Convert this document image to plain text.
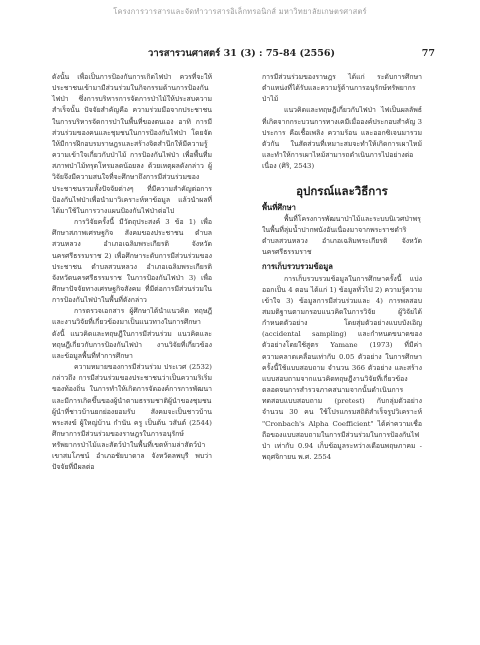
โครงการวารสารและจัดทำวารสารอิเล็กทรอนิกส์ มหาวิทยาลัยเกษตรศาสตร์
วารสารวนศาสตร์ 31 (3) : 75-84 (2556)	77

ดังนั้น เพื่อเป็นการป้องกันการเกิดไฟป่า ควรที่จะให้ประชาชนเข้ามามีส่วนร่วมในกิจกรรมด้านการป้องกันไฟป่า ซึ่งการบริหารการจัดการป่าไม้ให้ประสบความสำเร็จนั้น ปัจจัยสำคัญคือ ความร่วมมือจากประชาชนในการบริหารจัดการป่าในพื้นที่ของตนเอง อาทิ การมีส่วนร่วมของคนและชุมชนในการป้องกันไฟป่า โดยจัดให้มีการฝึกอบรมราษฎรและสร้างจิตสำนึกให้มีความรู้ ความเข้าใจเกี่ยวกับป่าไม้ การป้องกันไฟป่า เพื่อพื้นที่มสภาพป่าไม้ทรุดโทรมลดน้อยลง ด้วยเหตุผลดังกล่าว ผู้วิจัยจึงมีความสนใจที่จะศึกษาถึงการมีส่วนร่วมของประชาชนรวมทั้งปัจจัยต่างๆ ที่มีความสำคัญต่อการป้องกันไฟป่าเพื่อนำมาวิเคราะห์หาข้อมูล แล้วนำผลที่ได้มาใช้ในการวางแผนป้องกันไฟป่าต่อไป

การวิจัยครั้งนี้ มีวัตถุประสงค์ 3 ข้อ 1) เพื่อศึกษาสภาพเศรษฐกิจ สังคมของประชาชน ตำบลสวนหลวง อำเภอเฉลิมพระเกียรติ จังหวัดนครศรีธรรมราช 2) เพื่อศึกษาระดับการมีส่วนร่วมของประชาชน ตำบลสวนหลวง อำเภอเฉลิมพระเกียรติ จังหวัดนครศรีธรรมราช ในการป้องกันไฟป่า 3) เพื่อศึกษาปัจจัยทางเศรษฐกิจสังคม ที่มีต่อการมีส่วนร่วมในการป้องกันไฟป่าในพื้นที่ดังกล่าว

การตรวจเอกสาร ผู้ศึกษาได้นำแนวคิด ทฤษฎี และงานวิจัยที่เกี่ยวข้องมาเป็นแนวทางในการศึกษา ดังนี้ แนวคิดและทฤษฎีในการมีส่วนร่วม แนวคิดและทฤษฎีเกี่ยวกับการป้องกันไฟป่า งานวิจัยที่เกี่ยวข้อง และข้อมูลพื้นที่ทำการศึกษา

ความหมายของการมีส่วนร่วม ประเวศ (2532) กล่าวถึง การมีส่วนร่วมของประชาชนว่าเป็นความริเริ่มของท้องถิ่น ในการทำให้เกิดการจัดองค์การการพัฒนาและมีการเกิดขึ้นของผู้นำตามธรรมชาติผู้นำของชุมชนผู้นำที่ชาวบ้านยกย่องยอมรับ สังคมจะเป็นชาวบ้าน พระสงฆ์ ผู้ใหญ่บ้าน กำนัน ครู เป็นต้น วสันต์ (2544) ศึกษาการมีส่วนร่วมของราษฎรในการอนุรักษ์ทรัพยากรป่าไม้และสัตว์ป่าในพื้นที่เขตห้ามล่าสัตว์ป่าเขาสมโภชน์ อำเภอชัยบาดาล จังหวัดลพบุรี พบว่าปัจจัยที่มีผลต่อ

การมีส่วนร่วมของราษฎร ได้แก่ ระดับการศึกษา ตำแหน่งที่ได้รับและความรู้ด้านการอนุรักษ์ทรัพยากรป่าไม้

แนวคิดและทฤษฎีเกี่ยวกับไฟป่า ไฟเป็นผลลัพธ์ที่เกิดจากกระบวนการทางเคมีเมื่อองค์ประกอบสำคัญ 3 ประการ คือเชื้อเพลิง ความร้อน และออกซิเจนมารวมตัวกัน ในสัดส่วนที่เหมาะสมจะทำให้เกิดการเผาไหม้และทำให้การเผาไหม้สามารถดำเนินการไปอย่างต่อเนื่อง (ศิริ, 2543)

อุปกรณ์และวิธีการ
พื้นที่ศึกษา

พื้นที่โครงการพัฒนาป่าไม้และระบบนิเวศป่าพรุในพื้นที่ลุ่มน้ำปากพนังอันเนื่องมาจากพระราชดำริ ตำบลสวนหลวง อำเภอเฉลิมพระเกียรติ จังหวัดนครศรีธรรมราช

การเก็บรวบรวมข้อมูล

การเก็บรวบรวมข้อมูลในการศึกษาครั้งนี้ แบ่งออกเป็น 4 ตอน ได้แก่ 1) ข้อมูลทั่วไป 2) ความรู้ความเข้าใจ 3) ข้อมูลการมีส่วนร่วมและ 4) การพลสอบสมมติฐานตามกรอบแนวคิดในการวิจัย ผู้วิจัยได้กำหนดตัวอย่าง โดยสุ่มตัวอย่างแบบบังเอิญ (accidental sampling) และกำหนดขนาดของตัวอย่างโดยใช้สูตร Yamane (1973) ที่มีค่าความคลาดเคลื่อนเท่ากับ 0.05 ตัวอย่าง ในการศึกษาครั้งนี้ใช้แบบสอบถาม จำนวน 366 ตัวอย่าง และสร้างแบบสอบถามจากแนวคิดทฤษฎีงานวิจัยที่เกี่ยวข้อง ตลอดจนการสำรวจภาคสนามจากนั้นดำเนินการทดสอบแบบสอบถาม (pretest) กับกลุ่มตัวอย่าง จำนวน 30 คน ใช้โปรแกรมสถิติสำเร็จรูปวิเคราะห์ "Cronbach's Alpha Coefficient" ได้ค่าความเชื่อถือของแบบสอบถามในการมีส่วนร่วมในการป้องกันไฟป่า เท่ากับ 0.94 เก็บข้อมูลระหว่างเดือนพฤษภาคม - พฤศจิกายน พ.ศ. 2554
